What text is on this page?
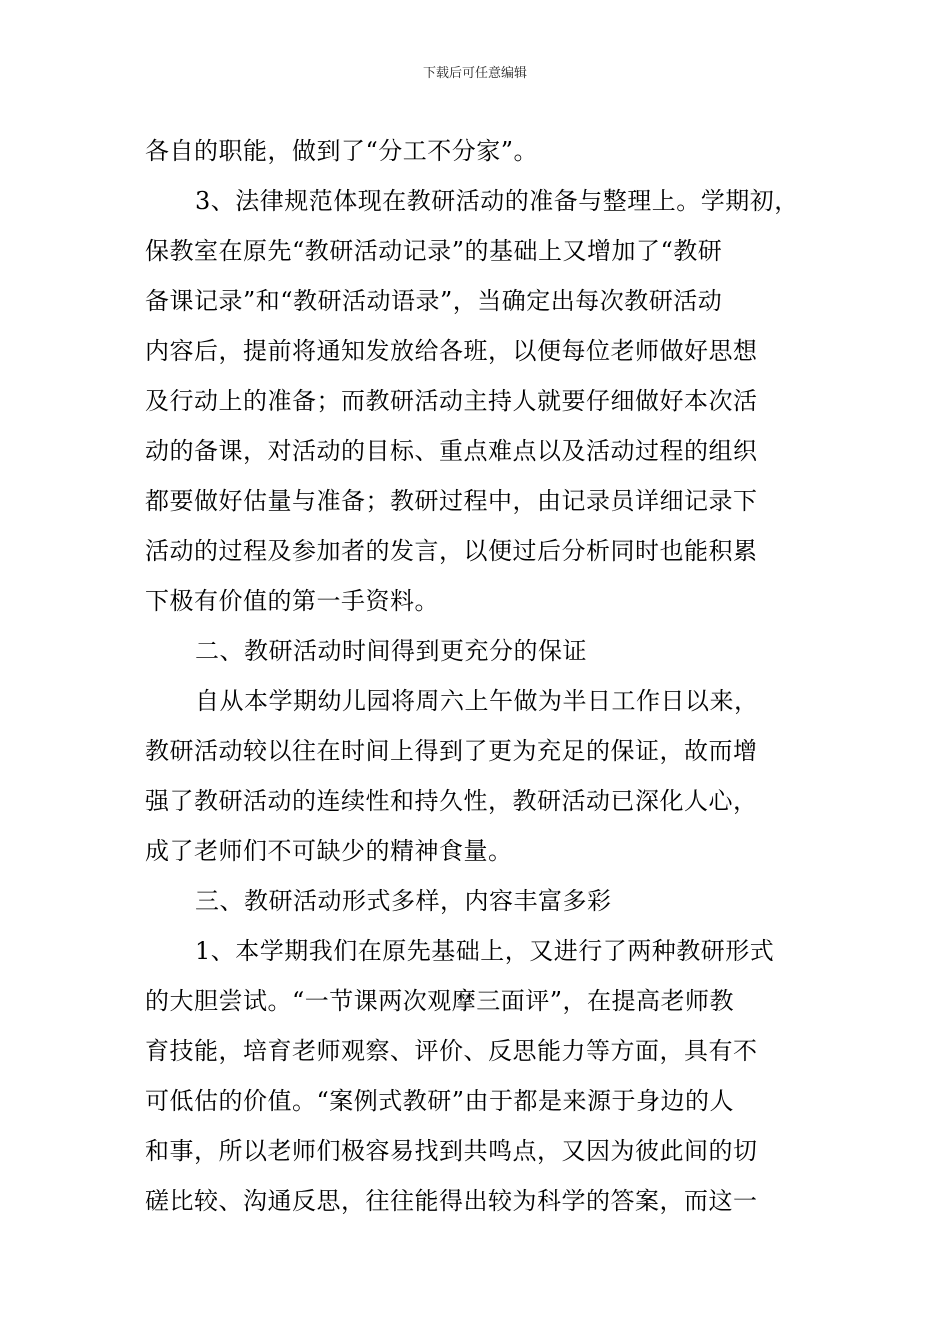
下载后可任意编辑

各自的职能，做到了“分工不分家”。

3、法律规范体现在教研活动的准备与整理上。学期初，

保教室在原先“教研活动记录”的基础上又增加了“教研

备课记录”和“教研活动语录”，当确定出每次教研活动

内容后，提前将通知发放给各班，以便每位老师做好思想

及行动上的准备；而教研活动主持人就要仔细做好本次活

动的备课，对活动的目标、重点难点以及活动过程的组织

都要做好估量与准备；教研过程中，由记录员详细记录下

活动的过程及参加者的发言，以便过后分析同时也能积累

下极有价值的第一手资料。

二、教研活动时间得到更充分的保证

自从本学期幼儿园将周六上午做为半日工作日以来，

教研活动较以往在时间上得到了更为充足的保证，故而增

强了教研活动的连续性和持久性，教研活动已深化人心，

成了老师们不可缺少的精神食量。

三、教研活动形式多样，内容丰富多彩

1、本学期我们在原先基础上，又进行了两种教研形式

的大胆尝试。“一节课两次观摩三面评”，在提高老师教

育技能，培育老师观察、评价、反思能力等方面，具有不

可低估的价值。“案例式教研”由于都是来源于身边的人

和事，所以老师们极容易找到共鸣点，又因为彼此间的切

磋比较、沟通反思，往往能得出较为科学的答案，而这一
